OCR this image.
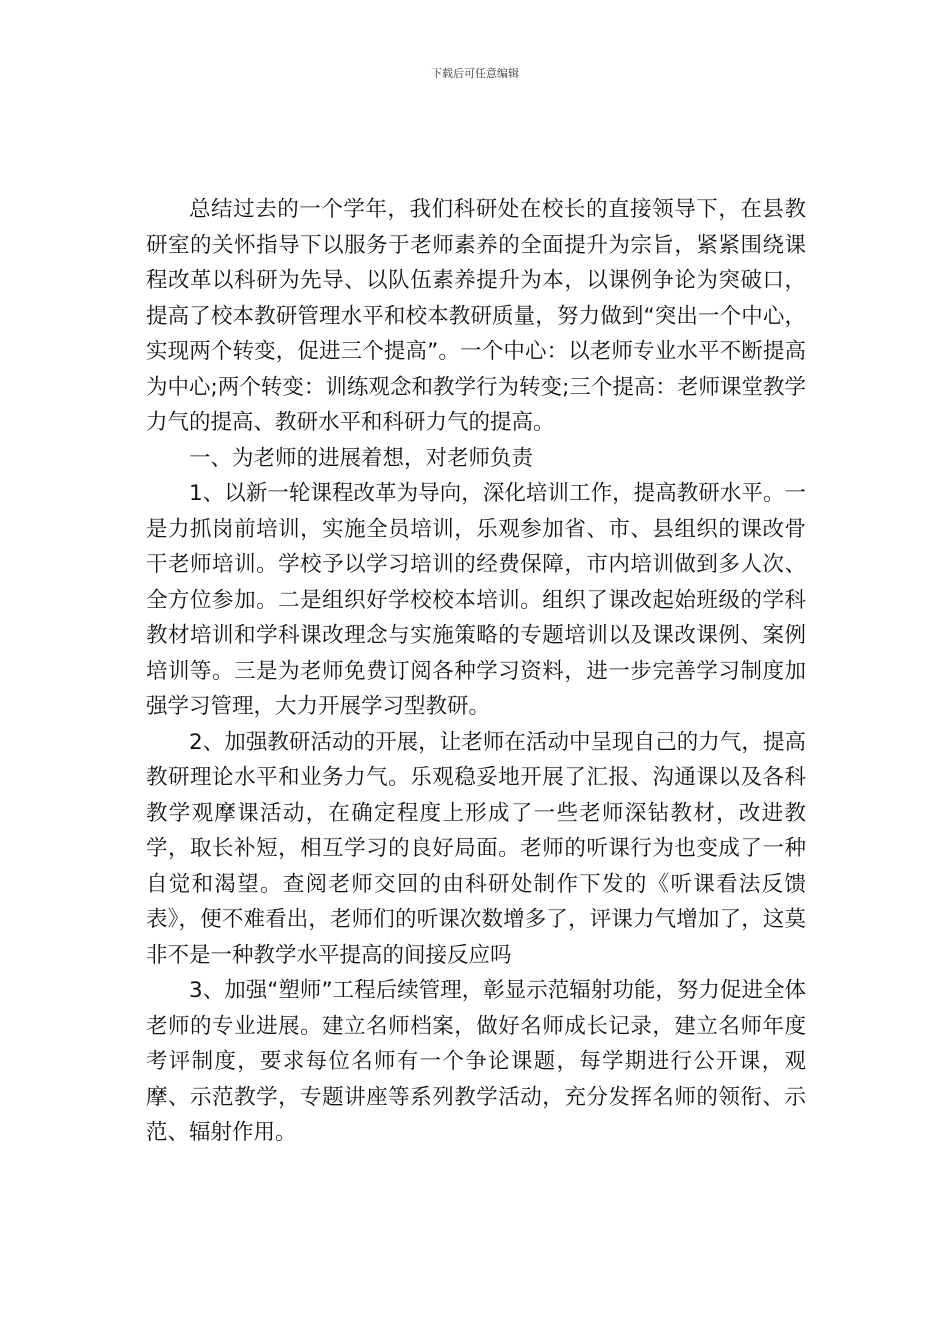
下载后可任意编辑

总结过去的一个学年，我们科研处在校长的直接领导下，在县教研室的关怀指导下以服务于老师素养的全面提升为宗旨，紧紧围绕课程改革以科研为先导、以队伍素养提升为本，以课例争论为突破口，提高了校本教研管理水平和校本教研质量，努力做到“突出一个中心，实现两个转变，促进三个提高”。一个中心：以老师专业水平不断提高为中心;两个转变：训练观念和教学行为转变;三个提高：老师课堂教学力气的提高、教研水平和科研力气的提高。

一、为老师的进展着想，对老师负责

1、以新一轮课程改革为导向，深化培训工作，提高教研水平。一是力抓岗前培训，实施全员培训，乐观参加省、市、县组织的课改骨干老师培训。学校予以学习培训的经费保障，市内培训做到多人次、全方位参加。二是组织好学校校本培训。组织了课改起始班级的学科教材培训和学科课改理念与实施策略的专题培训以及课改课例、案例培训等。三是为老师免费订阅各种学习资料，进一步完善学习制度加强学习管理，大力开展学习型教研。

2、加强教研活动的开展，让老师在活动中呈现自己的力气，提高教研理论水平和业务力气。乐观稳妥地开展了汇报、沟通课以及各科教学观摩课活动，在确定程度上形成了一些老师深钻教材，改进教学，取长补短，相互学习的良好局面。老师的听课行为也变成了一种自觉和渴望。查阅老师交回的由科研处制作下发的《听课看法反馈表》，便不难看出，老师们的听课次数增多了，评课力气增加了，这莫非不是一种教学水平提高的间接反应吗

3、加强“塑师”工程后续管理，彰显示范辐射功能，努力促进全体老师的专业进展。建立名师档案，做好名师成长记录，建立名师年度考评制度，要求每位名师有一个争论课题，每学期进行公开课，观摩、示范教学，专题讲座等系列教学活动，充分发挥名师的领衔、示范、辐射作用。
